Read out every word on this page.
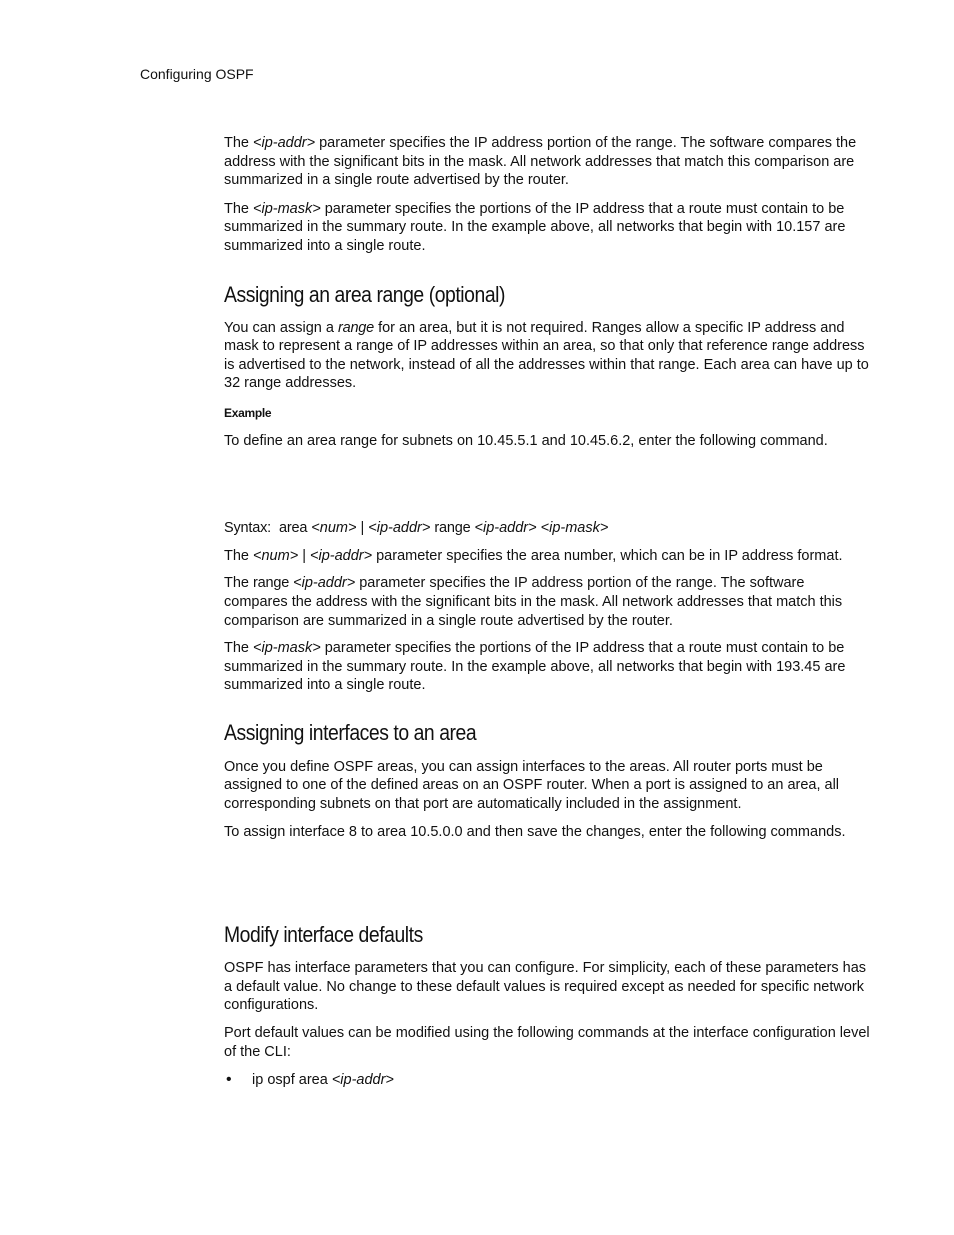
Configuring OSPF

The <ip-addr> parameter specifies the IP address portion of the range. The software compares the address with the significant bits in the mask. All network addresses that match this comparison are summarized in a single route advertised by the router.

The <ip-mask> parameter specifies the portions of the IP address that a route must contain to be summarized in the summary route. In the example above, all networks that begin with 10.157 are summarized into a single route.

Assigning an area range (optional)

You can assign a range for an area, but it is not required. Ranges allow a specific IP address and mask to represent a range of IP addresses within an area, so that only that reference range address is advertised to the network, instead of all the addresses within that range. Each area can have up to 32 range addresses.

Example

To define an area range for subnets on 10.45.5.1 and 10.45.6.2, enter the following command.

Syntax: area <num> | <ip-addr> range <ip-addr> <ip-mask>

The <num> | <ip-addr> parameter specifies the area number, which can be in IP address format.

The range <ip-addr> parameter specifies the IP address portion of the range. The software compares the address with the significant bits in the mask. All network addresses that match this comparison are summarized in a single route advertised by the router.

The <ip-mask> parameter specifies the portions of the IP address that a route must contain to be summarized in the summary route. In the example above, all networks that begin with 193.45 are summarized into a single route.

Assigning interfaces to an area

Once you define OSPF areas, you can assign interfaces to the areas. All router ports must be assigned to one of the defined areas on an OSPF router. When a port is assigned to an area, all corresponding subnets on that port are automatically included in the assignment.

To assign interface 8 to area 10.5.0.0 and then save the changes, enter the following commands.

Modify interface defaults

OSPF has interface parameters that you can configure. For simplicity, each of these parameters has a default value. No change to these default values is required except as needed for specific network configurations.

Port default values can be modified using the following commands at the interface configuration level of the CLI:

• ip ospf area <ip-addr>
